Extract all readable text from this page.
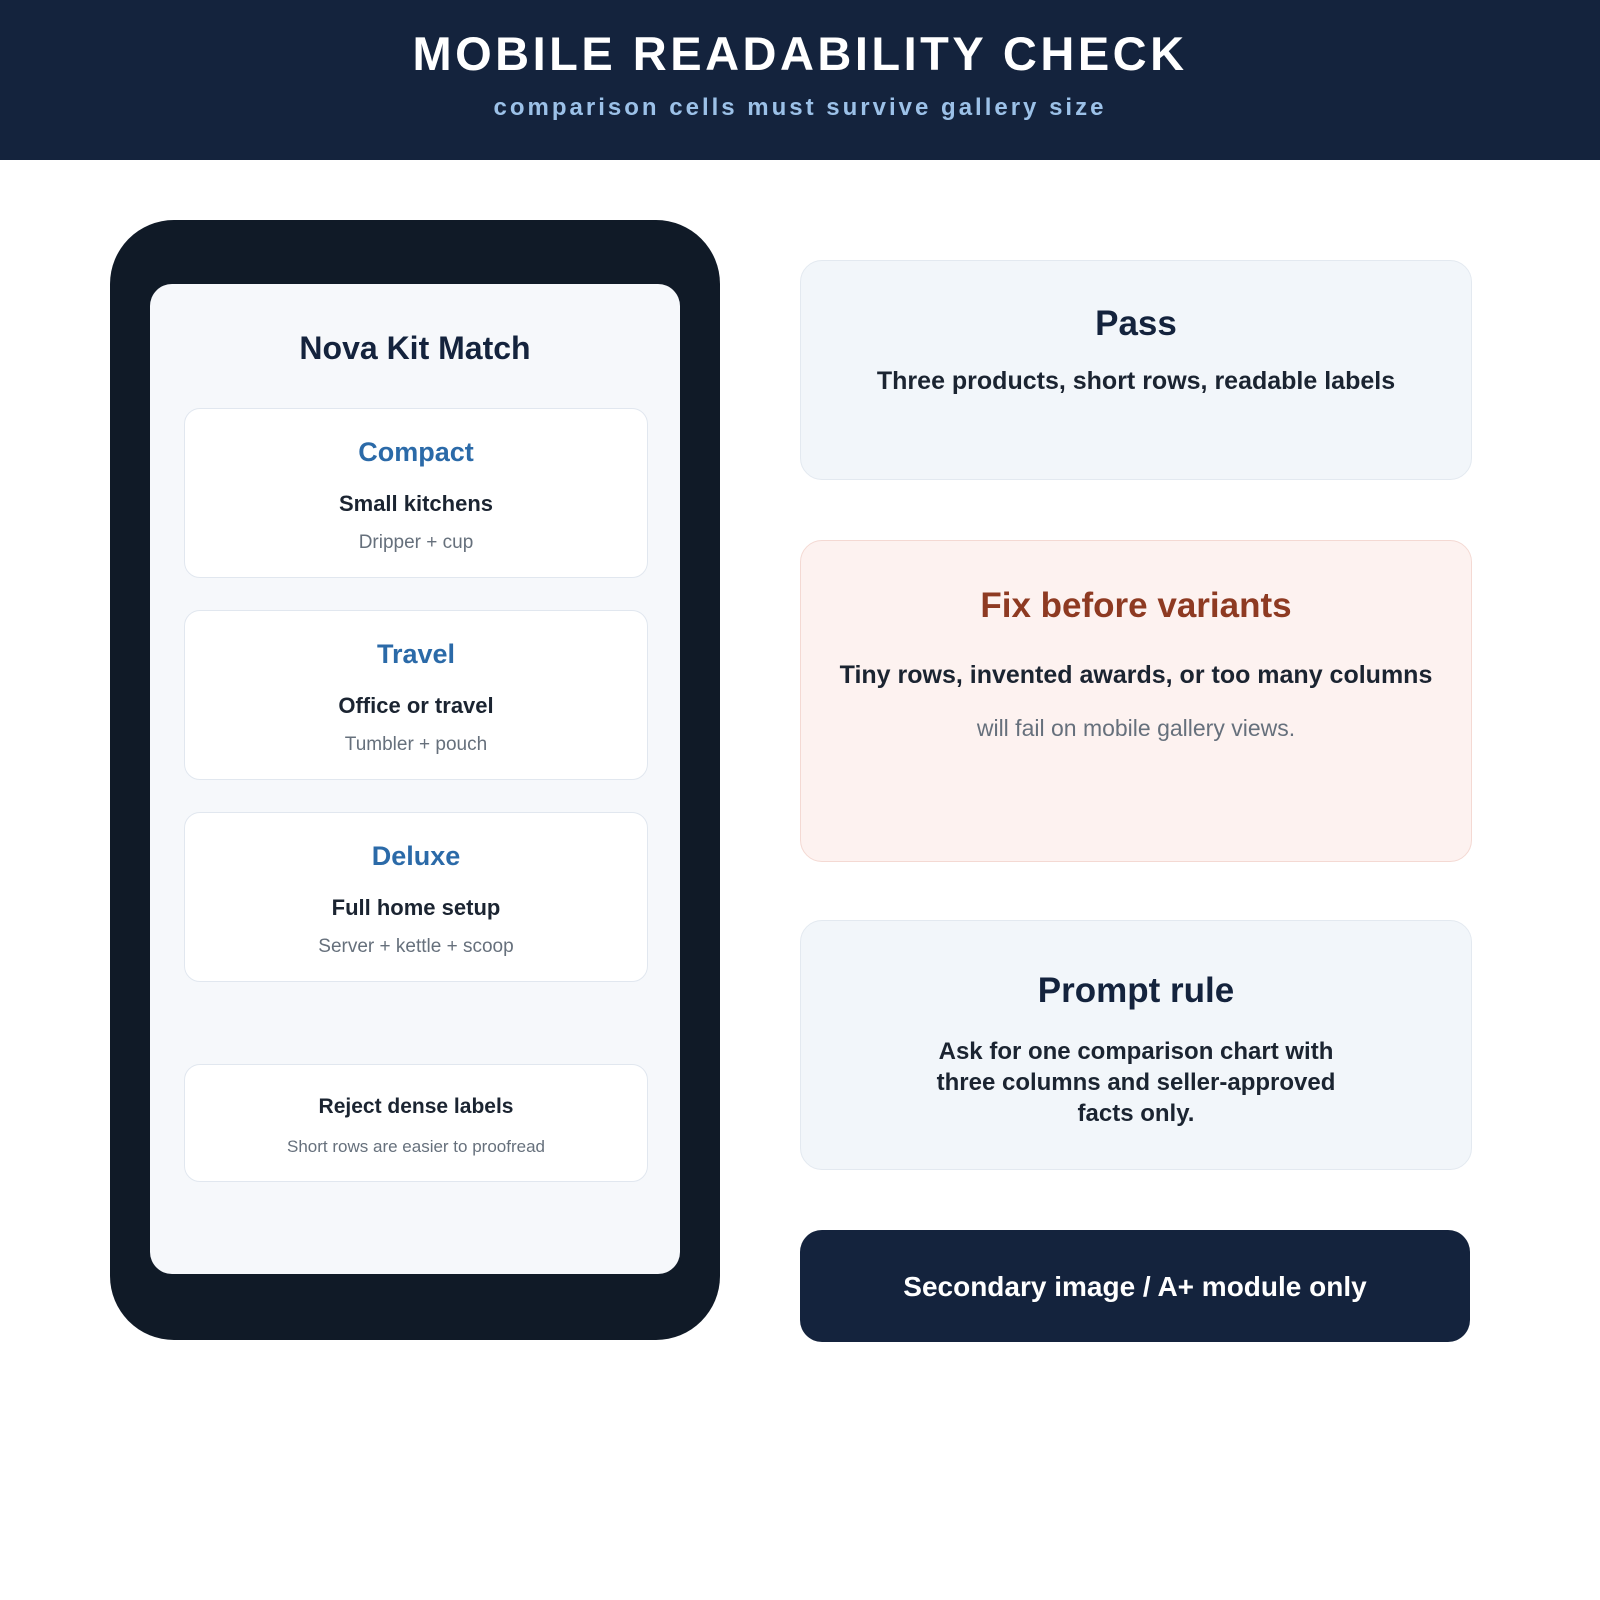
MOBILE READABILITY CHECK
comparison cells must survive gallery size
Nova Kit Match
Compact
Small kitchens
Dripper + cup
Travel
Office or travel
Tumbler + pouch
Deluxe
Full home setup
Server + kettle + scoop
Reject dense labels
Short rows are easier to proofread
Pass
Three products, short rows, readable labels
Fix before variants
Tiny rows, invented awards, or too many columns
will fail on mobile gallery views.
Prompt rule
Ask for one comparison chart with three columns and seller-approved facts only.
Secondary image / A+ module only
